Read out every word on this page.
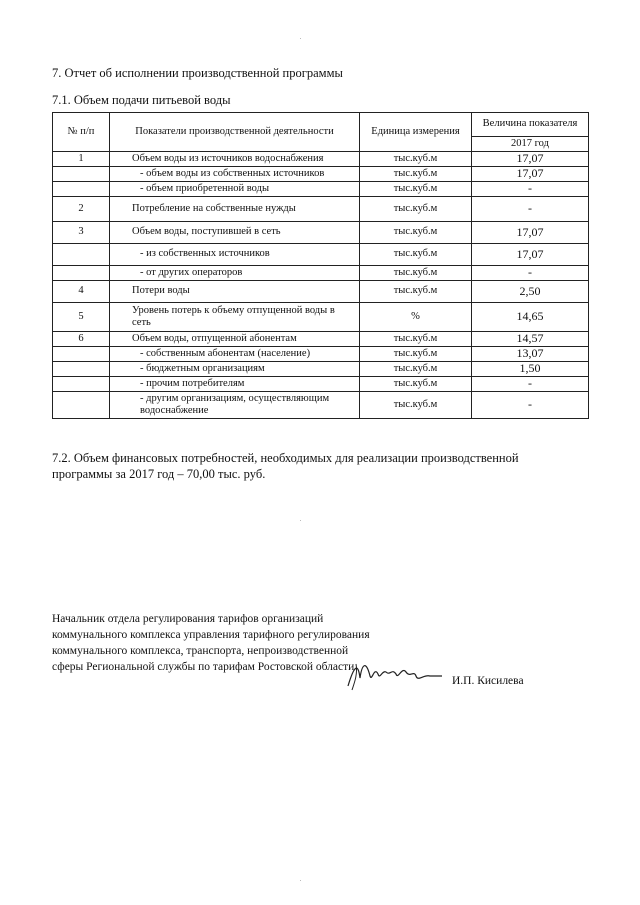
7. Отчет об исполнении производственной программы
7.1. Объем подачи питьевой воды
№ п/п	Показатели производственной деятельности	Единица измерения	Величина показателя
			2017 год
1	Объем воды из источников водоснабжения	тыс.куб.м	17,07
	- объем воды из собственных источников	тыс.куб.м	17,07
	- объем приобретенной воды	тыс.куб.м	-
2	Потребление на собственные нужды	тыс.куб.м	-
3	Объем воды, поступившей в сеть	тыс.куб.м	17,07
	- из собственных источников	тыс.куб.м	17,07
	- от других операторов	тыс.куб.м	-
4	Потери воды	тыс.куб.м	2,50
5	Уровень потерь к объему отпущенной воды в сеть	%	14,65
6	Объем воды, отпущенной абонентам	тыс.куб.м	14,57
	- собственным абонентам (население)	тыс.куб.м	13,07
	- бюджетным организациям	тыс.куб.м	1,50
	- прочим потребителям	тыс.куб.м	-
	- другим организациям, осуществляющим водоснабжение	тыс.куб.м	-
7.2. Объем финансовых потребностей, необходимых для реализации производственной программы за 2017 год – 70,00 тыс. руб.
Начальник отдела регулирования тарифов организаций коммунального комплекса управления тарифного регулирования коммунального комплекса, транспорта, непроизводственной сферы Региональной службы по тарифам Ростовской области
И.П. Кисилева
